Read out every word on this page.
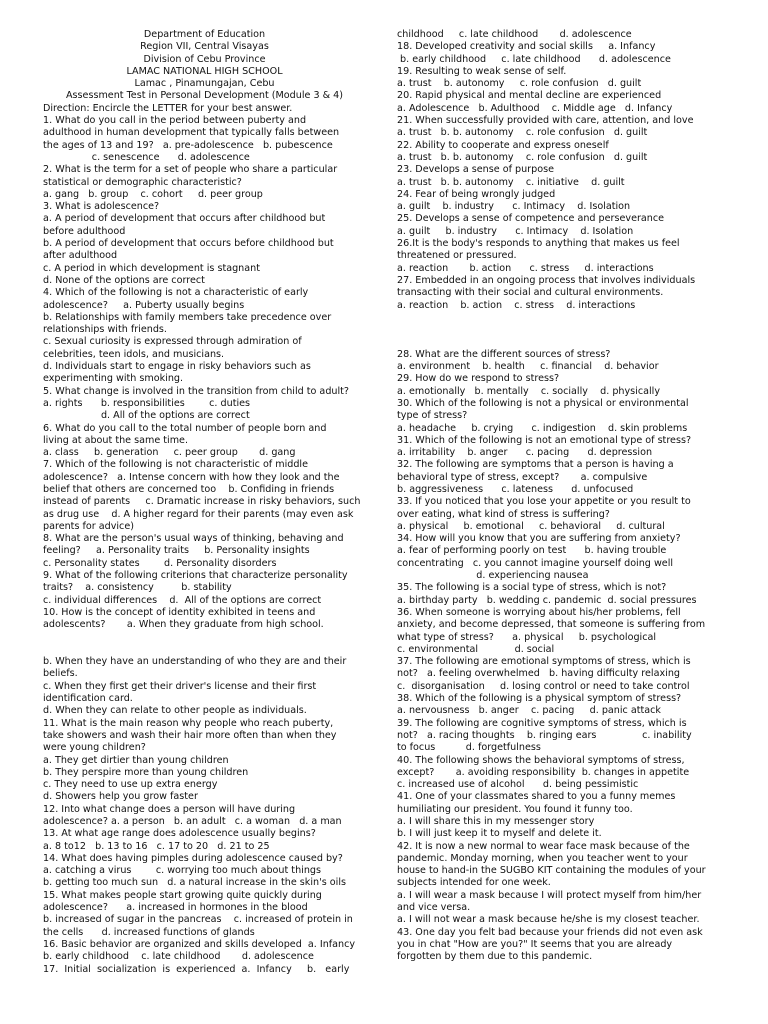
Department of Education
Region VII, Central Visayas
Division of Cebu Province
LAMAC NATIONAL HIGH SCHOOL
Lamac , Pinamungajan, Cebu
Assessment Test in Personal Development (Module 3 & 4)
Direction: Encircle the LETTER for your best answer.
1. What do you call in the period between puberty and
adulthood in human development that typically falls between
the ages of 13 and 19?   a. pre-adolescence   b. pubescence
c. senescence      d. adolescence
2. What is the term for a set of people who share a particular
statistical or demographic characteristic?
a. gang   b. group    c. cohort     d. peer group
3. What is adolescence?
a. A period of development that occurs after childhood but
before adulthood
b. A period of development that occurs before childhood but
after adulthood
c. A period in which development is stagnant
d. None of the options are correct
4. Which of the following is not a characteristic of early
adolescence?     a. Puberty usually begins
b. Relationships with family members take precedence over
relationships with friends.
c. Sexual curiosity is expressed through admiration of
celebrities, teen idols, and musicians.
d. Individuals start to engage in risky behaviors such as
experimenting with smoking.
5. What change is involved in the transition from child to adult?
a. rights      b. responsibilities        c. duties
d. All of the options are correct
6. What do you call to the total number of people born and
living at about the same time.
a. class     b. generation     c. peer group       d. gang
7. Which of the following is not characteristic of middle
adolescence?   a. Intense concern with how they look and the
belief that others are concerned too    b. Confiding in friends
instead of parents     c. Dramatic increase in risky behaviors, such
as drug use    d. A higher regard for their parents (may even ask
parents for advice)
8. What are the person's usual ways of thinking, behaving and
feeling?     a. Personality traits     b. Personality insights
c. Personality states        d. Personality disorders
9. What of the following criterions that characterize personality
traits?    a. consistency         b. stability
c. individual differences    d.  All of the options are correct
10. How is the concept of identity exhibited in teens and
adolescents?       a. When they graduate from high school.
b. When they have an understanding of who they are and their
beliefs.
c. When they first get their driver's license and their first
identification card.
d. When they can relate to other people as individuals.
11. What is the main reason why people who reach puberty,
take showers and wash their hair more often than when they
were young children?
a. They get dirtier than young children
b. They perspire more than young children
c. They need to use up extra energy
d. Showers help you grow faster
12. Into what change does a person will have during
adolescence? a. a person   b. an adult   c. a woman   d. a man
13. At what age range does adolescence usually begins?
a. 8 to12   b. 13 to 16   c. 17 to 20   d. 21 to 25
14. What does having pimples during adolescence caused by?
a. catching a virus        c. worrying too much about things
b. getting too much sun   d. a natural increase in the skin's oils
15. What makes people start growing quite quickly during
adolescence?      a. increased in hormones in the blood
b. increased of sugar in the pancreas    c. increased of protein in
the cells      d. increased functions of glands
16. Basic behavior are organized and skills developed  a. Infancy
b. early childhood    c. late childhood       d. adolescence
17.  Initial  socialization  is  experienced  a.  Infancy     b.   early
childhood     c. late childhood       d. adolescence
18. Developed creativity and social skills     a. Infancy
b. early childhood     c. late childhood      d. adolescence
19. Resulting to weak sense of self.
a. trust    b. autonomy     c. role confusion   d. guilt
20. Rapid physical and mental decline are experienced
a. Adolescence   b. Adulthood    c. Middle age   d. Infancy
21. When successfully provided with care, attention, and love
a. trust   b. b. autonomy    c. role confusion   d. guilt
22. Ability to cooperate and express oneself
a. trust   b. b. autonomy    c. role confusion   d. guilt
23. Develops a sense of purpose
a. trust   b. b. autonomy    c. initiative    d. guilt
24. Fear of being wrongly judged
a. guilt    b. industry      c. Intimacy    d. Isolation
25. Develops a sense of competence and perseverance
a. guilt     b. industry      c. Intimacy    d. Isolation
26.It is the body's responds to anything that makes us feel
threatened or pressured.
a. reaction       b. action      c. stress     d. interactions
27. Embedded in an ongoing process that involves individuals
transacting with their social and cultural environments.
a. reaction    b. action    c. stress    d. interactions
28. What are the different sources of stress?
a. environment    b. health     c. financial    d. behavior
29. How do we respond to stress?
a. emotionally   b. mentally    c. socially    d. physically
30. Which of the following is not a physical or environmental
type of stress?
a. headache     b. crying      c. indigestion    d. skin problems
31. Which of the following is not an emotional type of stress?
a. irritability    b. anger      c. pacing      d. depression
32. The following are symptoms that a person is having a
behavioral type of stress, except?       a. compulsive
b. aggressiveness      c. lateness      d. unfocused
33. If you noticed that you lose your appetite or you result to
over eating, what kind of stress is suffering?
a. physical     b. emotional     c. behavioral     d. cultural
34. How will you know that you are suffering from anxiety?
a. fear of performing poorly on test      b. having trouble
concentrating   c. you cannot imagine yourself doing well
d. experiencing nausea
35. The following is a social type of stress, which is not?
a. birthday party   b. wedding c. pandemic  d. social pressures
36. When someone is worrying about his/her problems, fell
anxiety, and become depressed, that someone is suffering from
what type of stress?      a. physical     b. psychological
c. environmental            d. social
37. The following are emotional symptoms of stress, which is
not?   a. feeling overwhelmed   b. having difficulty relaxing
c.  disorganisation     d. losing control or need to take control
38. Which of the following is a physical symptom of stress?
a. nervousness   b. anger    c. pacing     d. panic attack
39. The following are cognitive symptoms of stress, which is
not?   a. racing thoughts    b. ringing ears               c. inability
to focus          d. forgetfulness
40. The following shows the behavioral symptoms of stress,
except?       a. avoiding responsibility  b. changes in appetite
c. increased use of alcohol      d. being pessimistic
41. One of your classmates shared to you a funny memes
humiliating our president. You found it funny too.
a. I will share this in my messenger story
b. I will just keep it to myself and delete it.
42. It is now a new normal to wear face mask because of the
pandemic. Monday morning, when you teacher went to your
house to hand-in the SUGBO KIT containing the modules of your
subjects intended for one week.
a. I will wear a mask because I will protect myself from him/her
and vice versa.
a. I will not wear a mask because he/she is my closest teacher.
43. One day you felt bad because your friends did not even ask
you in chat "How are you?" It seems that you are already
forgotten by them due to this pandemic.
